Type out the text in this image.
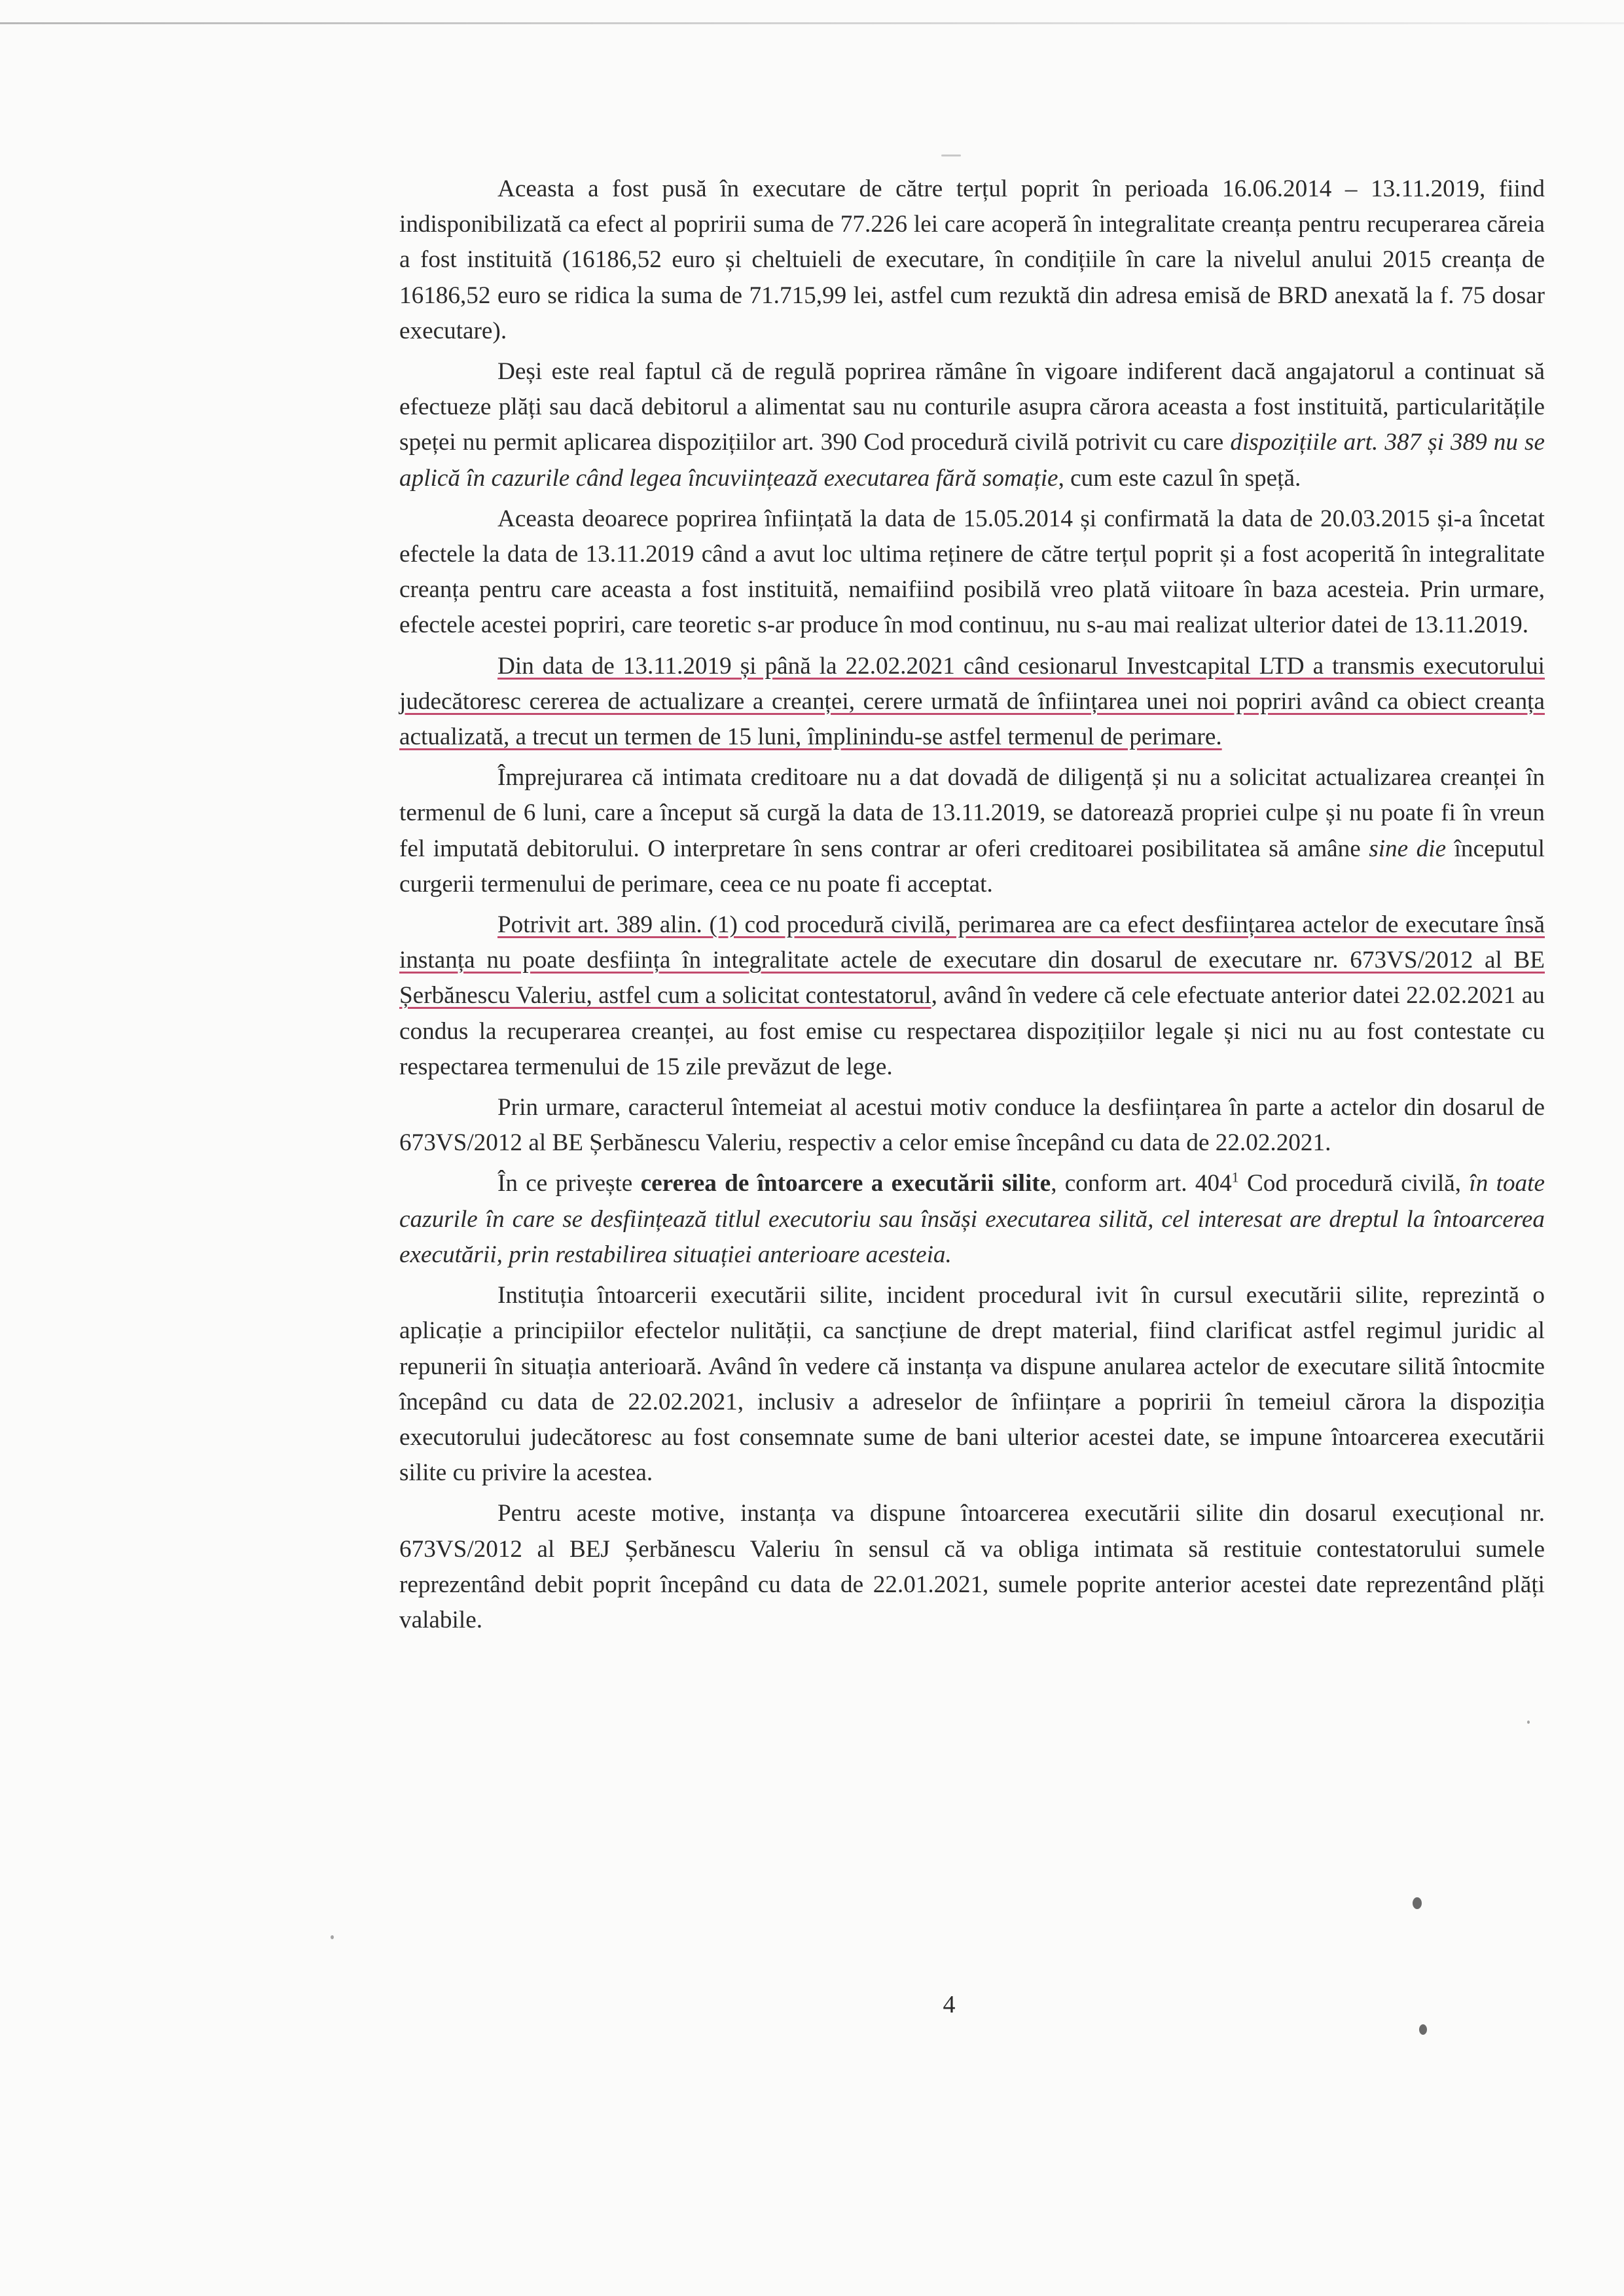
Aceasta a fost pusă în executare de către terțul poprit în perioada 16.06.2014 – 13.11.2019, fiind indisponibilizată ca efect al popririi suma de 77.226 lei care acoperă în integralitate creanța pentru recuperarea căreia a fost instituită (16186,52 euro și cheltuieli de executare, în condițiile în care la nivelul anului 2015 creanța de 16186,52 euro se ridica la suma de 71.715,99 lei, astfel cum rezuktă din adresa emisă de BRD anexată la f. 75 dosar executare).

Deși este real faptul că de regulă poprirea rămâne în vigoare indiferent dacă angajatorul a continuat să efectueze plăți sau dacă debitorul a alimentat sau nu conturile asupra cărora aceasta a fost instituită, particularitățile speței nu permit aplicarea dispozițiilor art. 390 Cod procedură civilă potrivit cu care dispozițiile art. 387 și 389 nu se aplică în cazurile când legea încuviințează executarea fără somație, cum este cazul în speță.

Aceasta deoarece poprirea înființată la data de 15.05.2014 și confirmată la data de 20.03.2015 și-a încetat efectele la data de 13.11.2019 când a avut loc ultima reținere de către terțul poprit și a fost acoperită în integralitate creanța pentru care aceasta a fost instituită, nemaifiind posibilă vreo plată viitoare în baza acesteia. Prin urmare, efectele acestei popriri, care teoretic s-ar produce în mod continuu, nu s-au mai realizat ulterior datei de 13.11.2019.

Din data de 13.11.2019 și până la 22.02.2021 când cesionarul Investcapital LTD a transmis executorului judecătoresc cererea de actualizare a creanței, cerere urmată de înființarea unei noi popriri având ca obiect creanța actualizată, a trecut un termen de 15 luni, împlinindu-se astfel termenul de perimare.

Împrejurarea că intimata creditoare nu a dat dovadă de diligență și nu a solicitat actualizarea creanței în termenul de 6 luni, care a început să curgă la data de 13.11.2019, se datorează propriei culpe și nu poate fi în vreun fel imputată debitorului. O interpretare în sens contrar ar oferi creditoarei posibilitatea să amâne sine die începutul curgerii termenului de perimare, ceea ce nu poate fi acceptat.

Potrivit art. 389 alin. (1) cod procedură civilă, perimarea are ca efect desființarea actelor de executare însă instanța nu poate desființa în integralitate actele de executare din dosarul de executare nr. 673VS/2012 al BE Șerbănescu Valeriu, astfel cum a solicitat contestatorul, având în vedere că cele efectuate anterior datei 22.02.2021 au condus la recuperarea creanței, au fost emise cu respectarea dispozițiilor legale și nici nu au fost contestate cu respectarea termenului de 15 zile prevăzut de lege.

Prin urmare, caracterul întemeiat al acestui motiv conduce la desființarea în parte a actelor din dosarul de 673VS/2012 al BE Șerbănescu Valeriu, respectiv a celor emise începând cu data de 22.02.2021.

În ce privește cererea de întoarcere a executării silite, conform art. $404^1$ Cod procedură civilă, în toate cazurile în care se desființează titlul executoriu sau însăși executarea silită, cel interesat are dreptul la întoarcerea executării, prin restabilirea situației anterioare acesteia.

Instituția întoarcerii executării silite, incident procedural ivit în cursul executării silite, reprezintă o aplicație a principiilor efectelor nulității, ca sancțiune de drept material, fiind clarificat astfel regimul juridic al repunerii în situația anterioară. Având în vedere că instanța va dispune anularea actelor de executare silită întocmite începând cu data de 22.02.2021, inclusiv a adreselor de înființare a popririi în temeiul cărora la dispoziția executorului judecătoresc au fost consemnate sume de bani ulterior acestei date, se impune întoarcerea executării silite cu privire la acestea.

Pentru aceste motive, instanța va dispune întoarcerea executării silite din dosarul execuțional nr. 673VS/2012 al BEJ Șerbănescu Valeriu în sensul că va obliga intimata să restituie contestatorului sumele reprezentând debit poprit începând cu data de 22.01.2021, sumele poprite anterior acestei date reprezentând plăți valabile.

4
